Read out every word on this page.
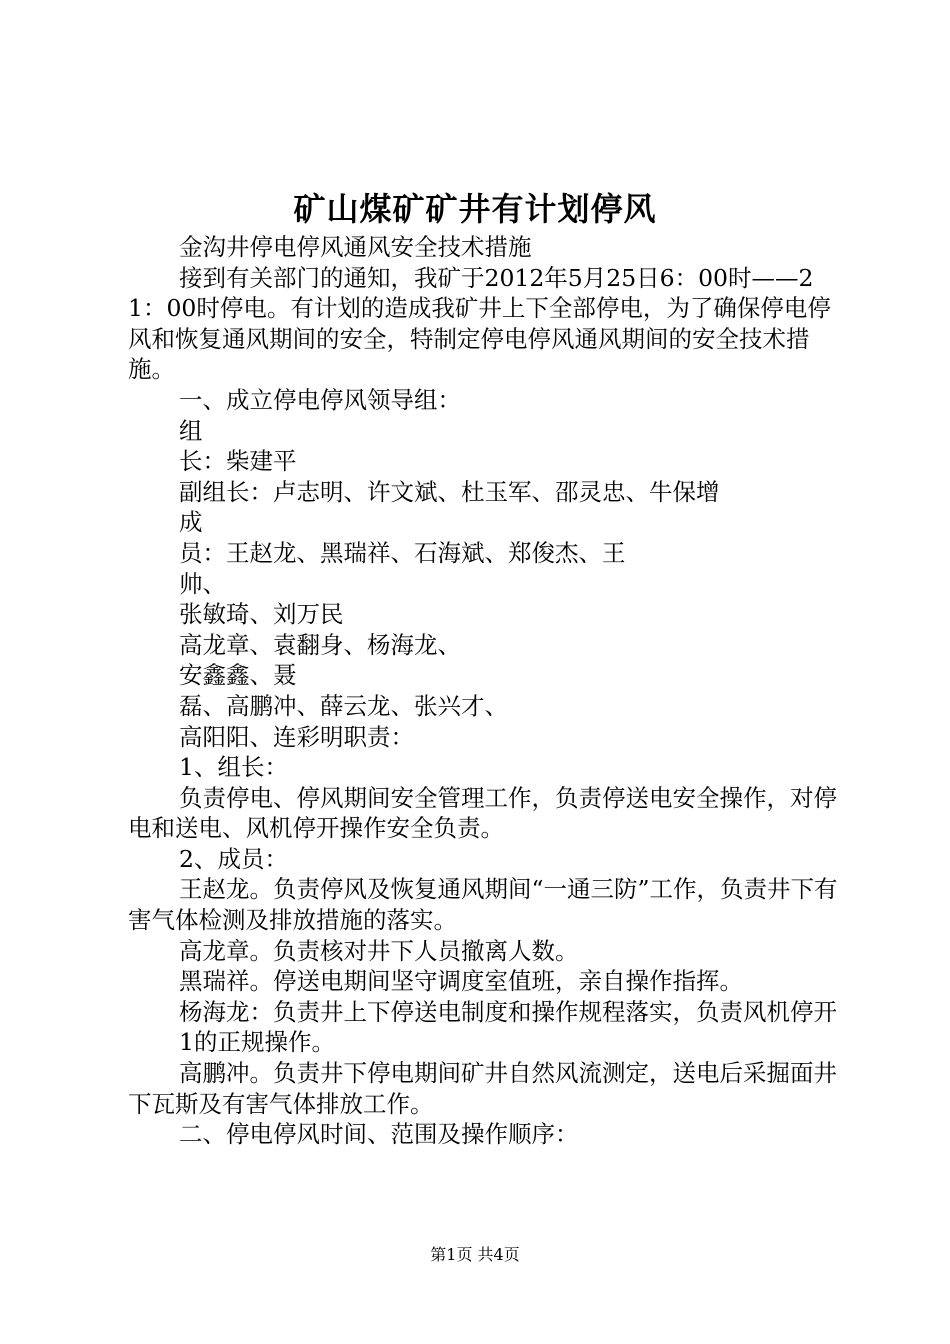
矿山煤矿矿井有计划停风

金沟井停电停风通风安全技术措施

接到有关部门的通知，我矿于2012年5月25日6：00时——21：00时停电。有计划的造成我矿井上下全部停电，为了确保停电停风和恢复通风期间的安全，特制定停电停风通风期间的安全技术措施。

一、成立停电停风领导组：

组

长：柴建平

副组长：卢志明、许文斌、杜玉军、邵灵忠、牛保增

成

员：王赵龙、黑瑞祥、石海斌、郑俊杰、王

帅、

张敏琦、刘万民

高龙章、袁翻身、杨海龙、

安鑫鑫、聂

磊、高鹏冲、薛云龙、张兴才、

高阳阳、连彩明职责：

1、组长：

负责停电、停风期间安全管理工作，负责停送电安全操作，对停电和送电、风机停开操作安全负责。

2、成员：

王赵龙。负责停风及恢复通风期间“一通三防”工作，负责井下有害气体检测及排放措施的落实。

高龙章。负责核对井下人员撤离人数。

黑瑞祥。停送电期间坚守调度室值班，亲自操作指挥。

杨海龙：负责井上下停送电制度和操作规程落实，负责风机停开

1的正规操作。

高鹏冲。负责井下停电期间矿井自然风流测定，送电后采掘面井下瓦斯及有害气体排放工作。

二、停电停风时间、范围及操作顺序：

第1页 共4页
